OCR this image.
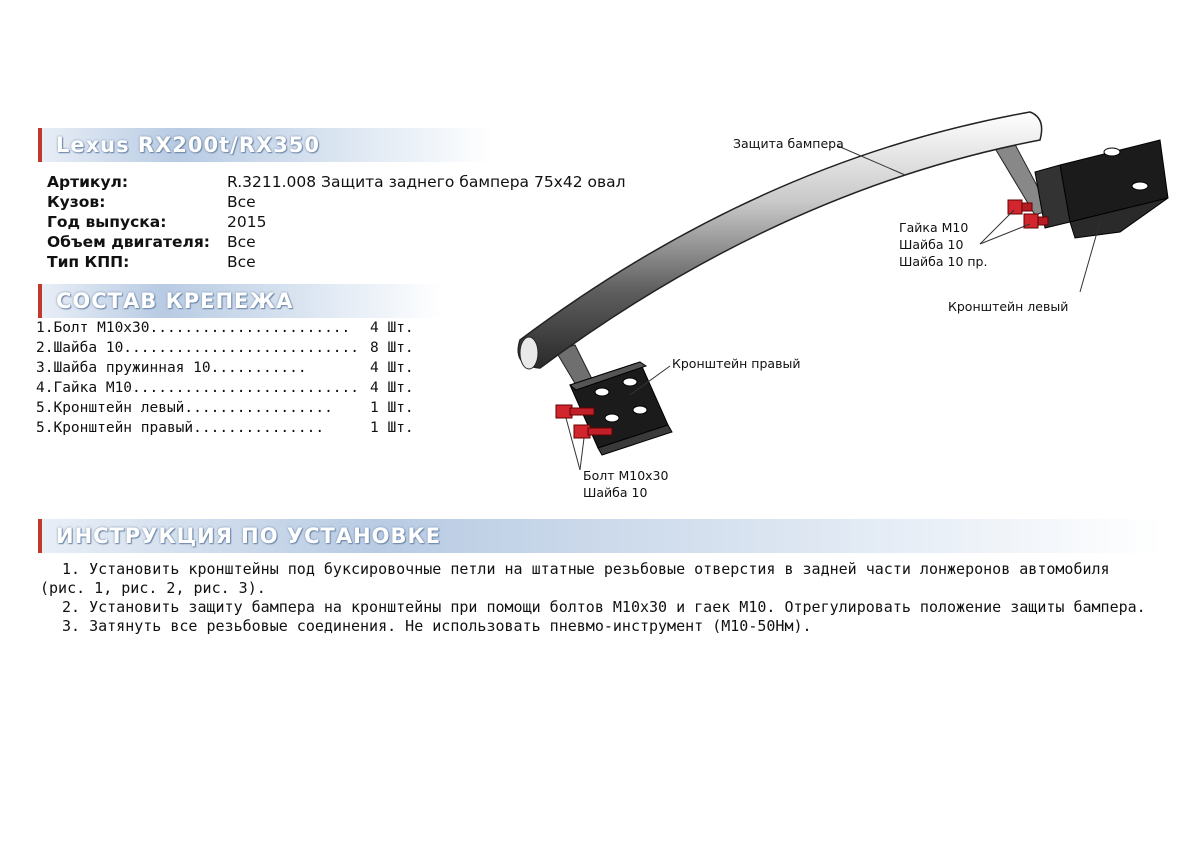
Lexus RX200t/RX350
Артикул:	R.3211.008 Защита заднего бампера 75х42 овал
Кузов:	Все
Год выпуска:	2015
Объем двигателя: Все
Тип КПП:	Все
СОСТАВ КРЕПЕЖА
1.Болт М10х30....................... 4 Шт.
2.Шайба 10........................... 8 Шт.
3.Шайба пружинная 10...........	4 Шт.
4.Гайка М10.......................... 4 Шт.
5.Кронштейн левый.................	1 Шт.
5.Кронштейн правый...............	1 Шт.
Защита бампера
Гайка М10
Шайба 10
Шайба 10 пр.
Кронштейн левый
Кронштейн правый
Болт М10х30
Шайба 10
ИНСТРУКЦИЯ ПО УСТАНОВКЕ

1. Установить кронштейны под буксировочные петли на штатные резьбовые отверстия в задней части лонжеронов автомобиля (рис. 1, рис. 2, рис. 3).

2. Установить защиту бампера на кронштейны при помощи болтов М10х30 и гаек М10. Отрегулировать положение защиты бампера.

3. Затянуть все резьбовые соединения. Не использовать пневмо-инструмент (М10-50Нм).
